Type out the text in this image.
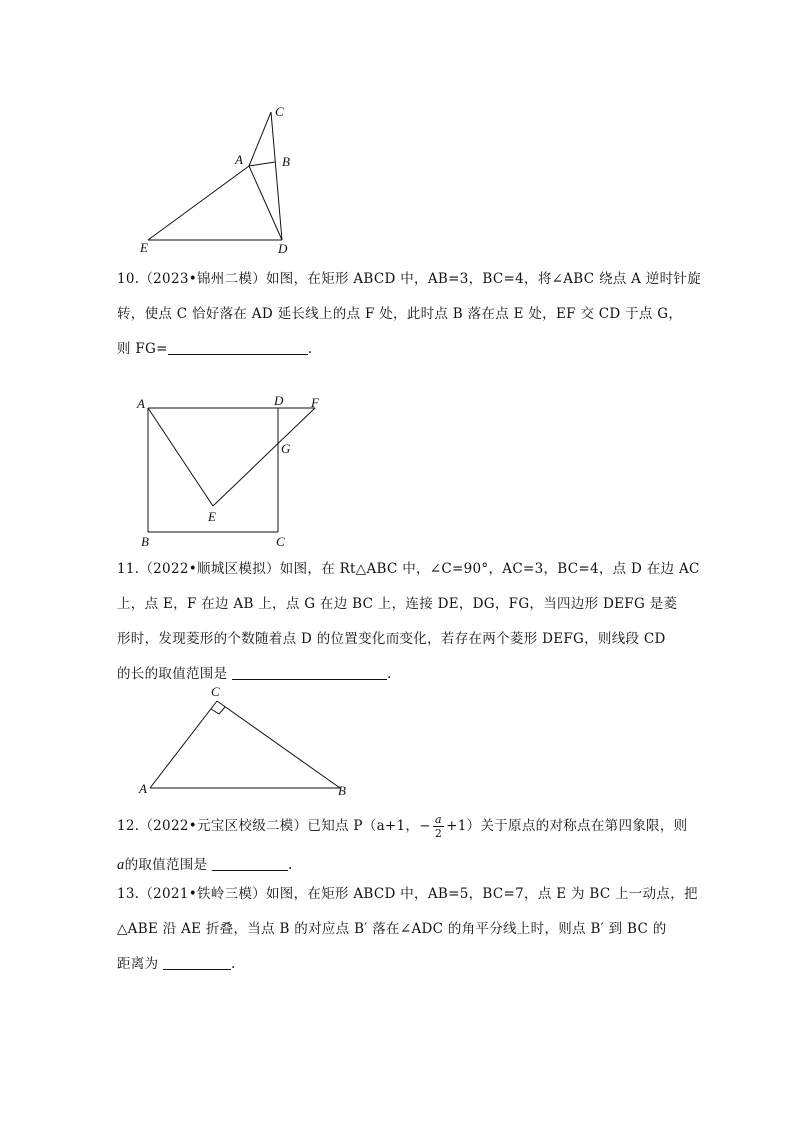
C
A	B
E	D

10.（2023•锦州二模）如图，在矩形 ABCD 中，AB=3，BC=4，将∠ABC 绕点 A 逆时针旋

转，使点 C 恰好落在 AD 延长线上的点 F 处，此时点 B 落在点 E 处，EF 交 CD 于点 G，

则 FG=	.

A	D F
G
E
B	C

11.（2022•顺城区模拟）如图，在 Rt△ABC 中，∠C=90°，AC=3，BC=4，点 D 在边 AC

上，点 E，F 在边 AB 上，点 G 在边 BC 上，连接 DE，DG，FG，当四边形 DEFG 是菱

形时，发现菱形的个数随着点 D 的位置变化而变化，若存在两个菱形 DEFG，则线段 CD

的长的取值范围是	.

C
A	B

12.（2022•元宝区校级二模）已知点 P（a+1，− $\frac{a}{2} +1$）关于原点的对称点在第四象限，则

a的取值范围是	.

13.（2021•铁岭三模）如图，在矩形 ABCD 中，AB=5，BC=7，点 E 为 BC 上一动点，把

△ABE 沿 AE 折叠，当点 B 的对应点 B′ 落在∠ADC 的角平分线上时，则点 B′ 到 BC 的

距离为	.
